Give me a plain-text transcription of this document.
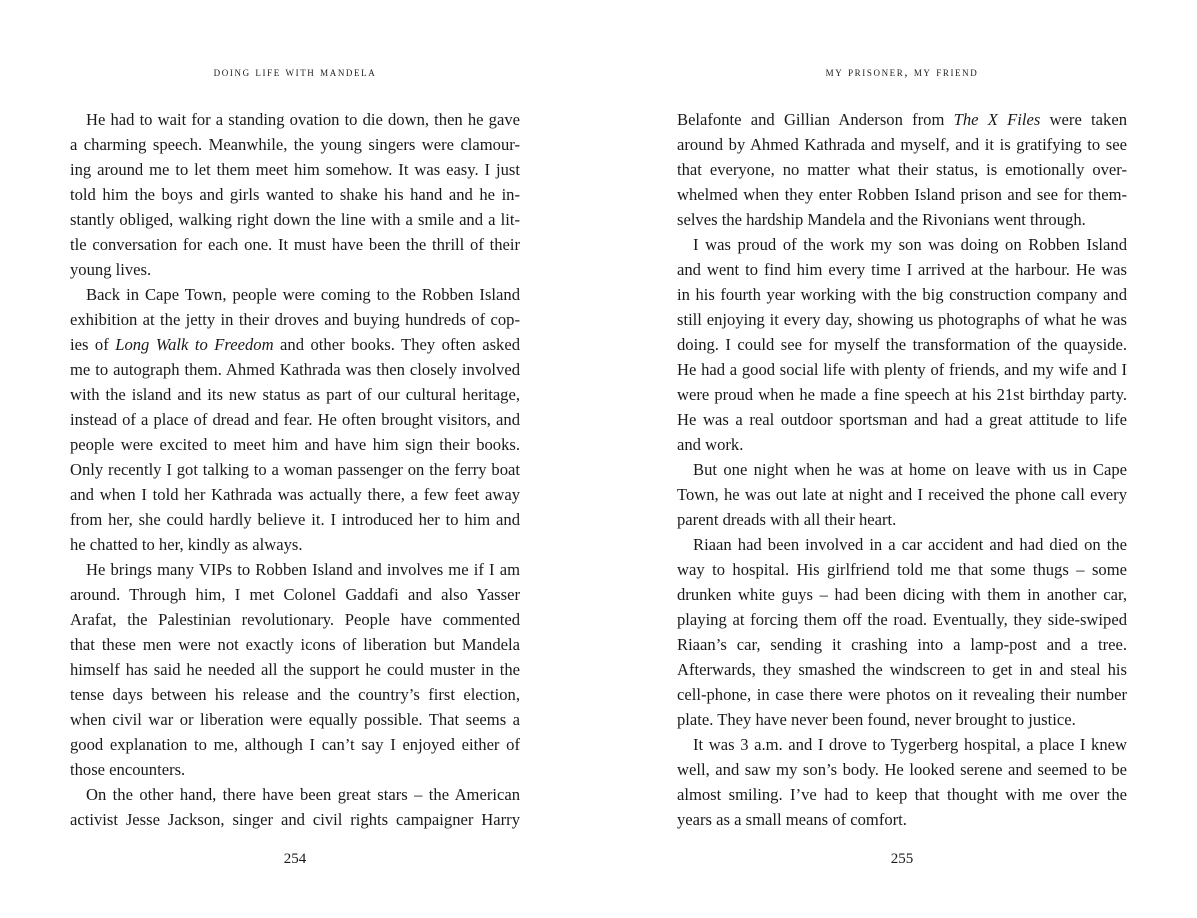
doing life with mandela
He had to wait for a standing ovation to die down, then he gave
a charming speech. Meanwhile, the young singers were clamour-
ing around me to let them meet him somehow. It was easy. I just
told him the boys and girls wanted to shake his hand and he in-
stantly obliged, walking right down the line with a smile and a lit-
tle conversation for each one. It must have been the thrill of their
young lives.
Back in Cape Town, people were coming to the Robben Island
exhibition at the jetty in their droves and buying hundreds of cop-
ies of Long Walk to Freedom and other books. They often asked
me to autograph them. Ahmed Kathrada was then closely involved
with the island and its new status as part of our cultural heritage,
instead of a place of dread and fear. He often brought visitors, and
people were excited to meet him and have him sign their books.
Only recently I got talking to a woman passenger on the ferry boat
and when I told her Kathrada was actually there, a few feet away
from her, she could hardly believe it. I introduced her to him and
he chatted to her, kindly as always.
He brings many VIPs to Robben Island and involves me if I am
around. Through him, I met Colonel Gaddafi and also Yasser
Arafat, the Palestinian revolutionary. People have commented
that these men were not exactly icons of liberation but Mandela
himself has said he needed all the support he could muster in the
tense days between his release and the country’s first election,
when civil war or liberation were equally possible. That seems a
good explanation to me, although I can’t say I enjoyed either of
those encounters.
On the other hand, there have been great stars – the American
activist Jesse Jackson, singer and civil rights campaigner Harry
254
my prisoner, my friend
Belafonte and Gillian Anderson from The X Files were taken
around by Ahmed Kathrada and myself, and it is gratifying to see
that everyone, no matter what their status, is emotionally over-
whelmed when they enter Robben Island prison and see for them-
selves the hardship Mandela and the Rivonians went through.
I was proud of the work my son was doing on Robben Island
and went to find him every time I arrived at the harbour. He was
in his fourth year working with the big construction company and
still enjoying it every day, showing us photographs of what he was
doing. I could see for myself the transformation of the quayside.
He had a good social life with plenty of friends, and my wife and I
were proud when he made a fine speech at his 21st birthday party.
He was a real outdoor sportsman and had a great attitude to life
and work.
But one night when he was at home on leave with us in Cape
Town, he was out late at night and I received the phone call every
parent dreads with all their heart.
Riaan had been involved in a car accident and had died on the
way to hospital. His girlfriend told me that some thugs – some
drunken white guys – had been dicing with them in another car,
playing at forcing them off the road. Eventually, they side-swiped
Riaan’s car, sending it crashing into a lamp-post and a tree.
Afterwards, they smashed the windscreen to get in and steal his
cell-phone, in case there were photos on it revealing their number
plate. They have never been found, never brought to justice.
It was 3 a.m. and I drove to Tygerberg hospital, a place I knew
well, and saw my son’s body. He looked serene and seemed to be
almost smiling. I’ve had to keep that thought with me over the
years as a small means of comfort.
255
